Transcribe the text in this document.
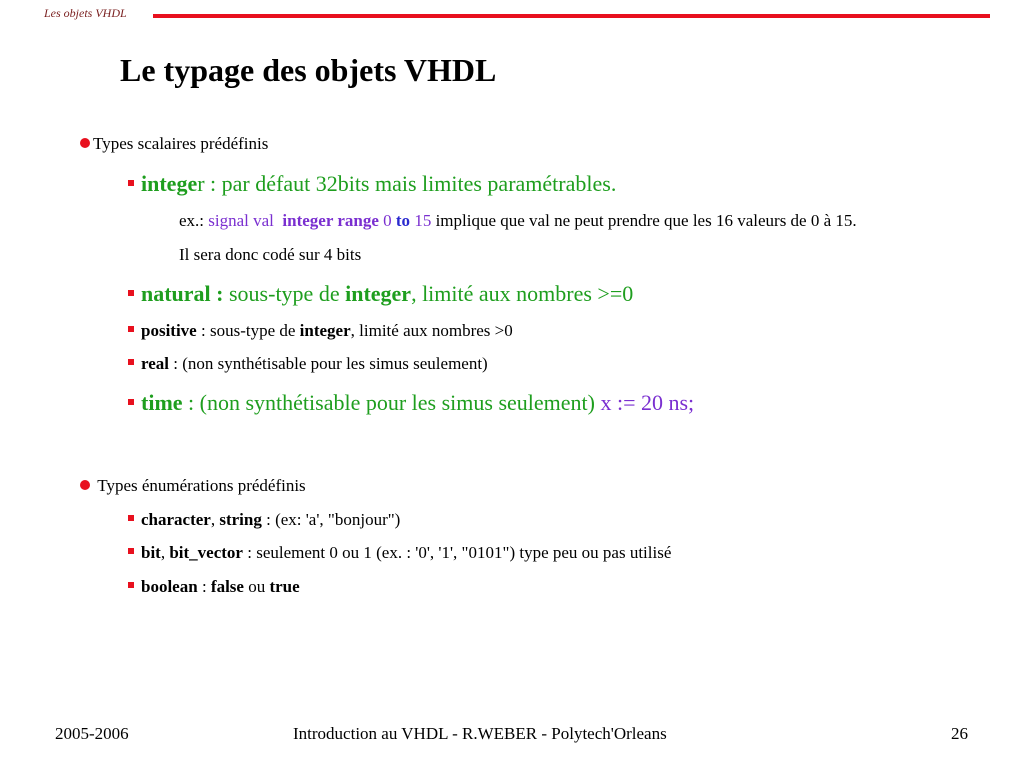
Les objets VHDL
Le typage des objets VHDL
Types scalaires prédéfinis
integer : par défaut 32bits mais limites paramétrables.
ex.: signal val integer range 0 to 15 implique que val ne peut prendre que les 16 valeurs de 0 à 15.
Il sera donc codé sur 4 bits
natural : sous-type de integer, limité aux nombres >=0
positive : sous-type de integer, limité aux nombres >0
real : (non synthétisable pour les simus seulement)
time : (non synthétisable pour les simus seulement) x := 20 ns;
Types énumérations prédéfinis
character, string : (ex: 'a', "bonjour")
bit, bit_vector : seulement 0 ou 1 (ex. : '0', '1', "0101") type peu ou pas utilisé
boolean : false ou true
2005-2006	Introduction au VHDL - R.WEBER - Polytech'Orleans	26
